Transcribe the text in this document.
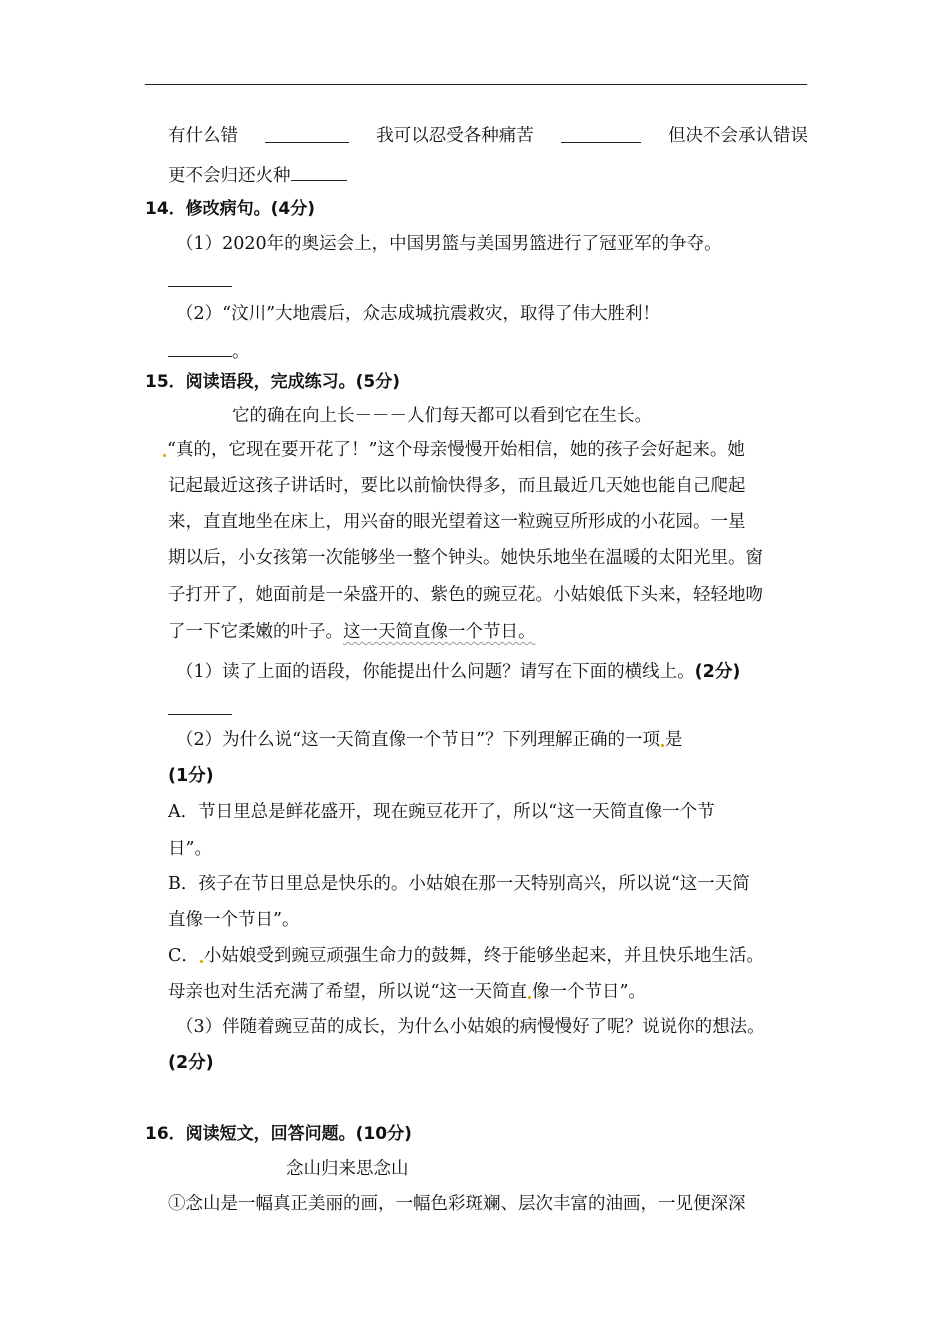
有什么错	我可以忍受各种痛苦	但决不会承认错误
更不会归还火种
14．修改病句。(4分)
（1）2020年的奥运会上，中国男篮与美国男篮进行了冠亚军的争夺。
（2）“汶川”大地震后，众志成城抗震救灾，取得了伟大胜利！
。
15．阅读语段，完成练习。(5分)
它的确在向上长－－－人们每天都可以看到它在生长。
“真的，它现在要开花了！”这个母亲慢慢开始相信，她的孩子会好起来。她
记起最近这孩子讲话时，要比以前愉快得多，而且最近几天她也能自己爬起
来，直直地坐在床上，用兴奋的眼光望着这一粒豌豆所形成的小花园。一星
期以后，小女孩第一次能够坐一整个钟头。她快乐地坐在温暖的太阳光里。窗
子打开了，她面前是一朵盛开的、紫色的豌豆花。小姑娘低下头来，轻轻地吻
了一下它柔嫩的叶子。这一天简直像一个节日。
（1）读了上面的语段，你能提出什么问题？请写在下面的横线上。(2分)
（2）为什么说“这一天简直像一个节日”？下列理解正确的一项 是
(1分)
A．节日里总是鲜花盛开，现在豌豆花开了，所以“这一天简直像一个节
日”。
B．孩子在节日里总是快乐的。小姑娘在那一天特别高兴，所以说“这一天简
直像一个节日”。
C． 小姑娘受到豌豆顽强生命力的鼓舞，终于能够坐起来，并且快乐地生活。
母亲也对生活充满了希望，所以说“这一天简直 像一个节日”。
（3）伴随着豌豆苗的成长，为什么小姑娘的病慢慢好了呢？说说你的想法。
(2分)
16．阅读短文，回答问题。(10分)
念山归来思念山
①念山是一幅真正美丽的画，一幅色彩斑斓、层次丰富的油画，一见便深深
